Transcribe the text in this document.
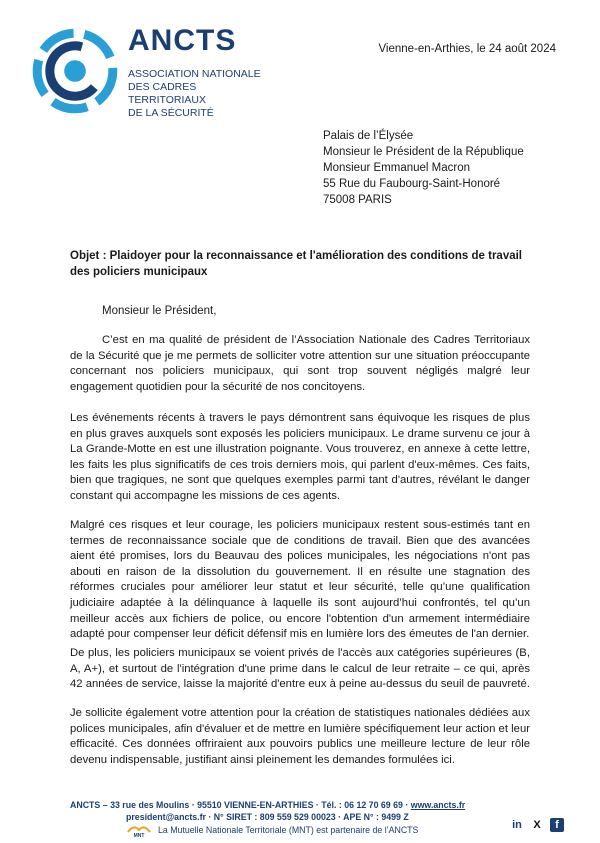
ANCTS
ASSOCIATION NATIONALE
DES CADRES TERRITORIAUX
DE LA SÉCURITÉ
Vienne-en-Arthies, le 24 août 2024
Palais de l’Élysée
Monsieur le Président de la République
Monsieur Emmanuel Macron
55 Rue du Faubourg-Saint-Honoré
75008 PARIS
Objet : Plaidoyer pour la reconnaissance et l'amélioration des conditions de travail des policiers municipaux
Monsieur le Président,
C’est en ma qualité de président de l’Association Nationale des Cadres Territoriaux de la Sécurité que je me permets de solliciter votre attention sur une situation préoccupante concernant nos policiers municipaux, qui sont trop souvent négligés malgré leur engagement quotidien pour la sécurité de nos concitoyens.
Les événements récents à travers le pays démontrent sans équivoque les risques de plus en plus graves auxquels sont exposés les policiers municipaux. Le drame survenu ce jour à La Grande-Motte en est une illustration poignante. Vous trouverez, en annexe à cette lettre, les faits les plus significatifs de ces trois derniers mois, qui parlent d'eux-mêmes. Ces faits, bien que tragiques, ne sont que quelques exemples parmi tant d'autres, révélant le danger constant qui accompagne les missions de ces agents.
Malgré ces risques et leur courage, les policiers municipaux restent sous-estimés tant en termes de reconnaissance sociale que de conditions de travail. Bien que des avancées aient été promises, lors du Beauvau des polices municipales, les négociations n'ont pas abouti en raison de la dissolution du gouvernement. Il en résulte une stagnation des réformes cruciales pour améliorer leur statut et leur sécurité, telle qu’une qualification judiciaire adaptée à la délinquance à laquelle ils sont aujourd’hui confrontés, tel qu’un meilleur accès aux fichiers de police, ou encore l'obtention d'un armement intermédiaire adapté pour compenser leur déficit défensif mis en lumière lors des émeutes de l'an dernier.
De plus, les policiers municipaux se voient privés de l'accès aux catégories supérieures (B, A, A+), et surtout de l'intégration d'une prime dans le calcul de leur retraite – ce qui, après 42 années de service, laisse la majorité d'entre eux à peine au-dessus du seuil de pauvreté.
Je sollicite également votre attention pour la création de statistiques nationales dédiées aux polices municipales, afin d'évaluer et de mettre en lumière spécifiquement leur action et leur efficacité. Ces données offriraient aux pouvoirs publics une meilleure lecture de leur rôle devenu indispensable, justifiant ainsi pleinement les demandes formulées ici.
ANCTS – 33 rue des Moulins · 95510 VIENNE-EN-ARTHIES · Tél. : 06 12 70 69 69 · www.ancts.fr
president@ancts.fr · N° SIRET : 809 559 529 00023 · APE N° : 9499 Z
MNT
La Mutuelle Nationale Territoriale (MNT) est partenaire de l’ANCTS	in	X	f
